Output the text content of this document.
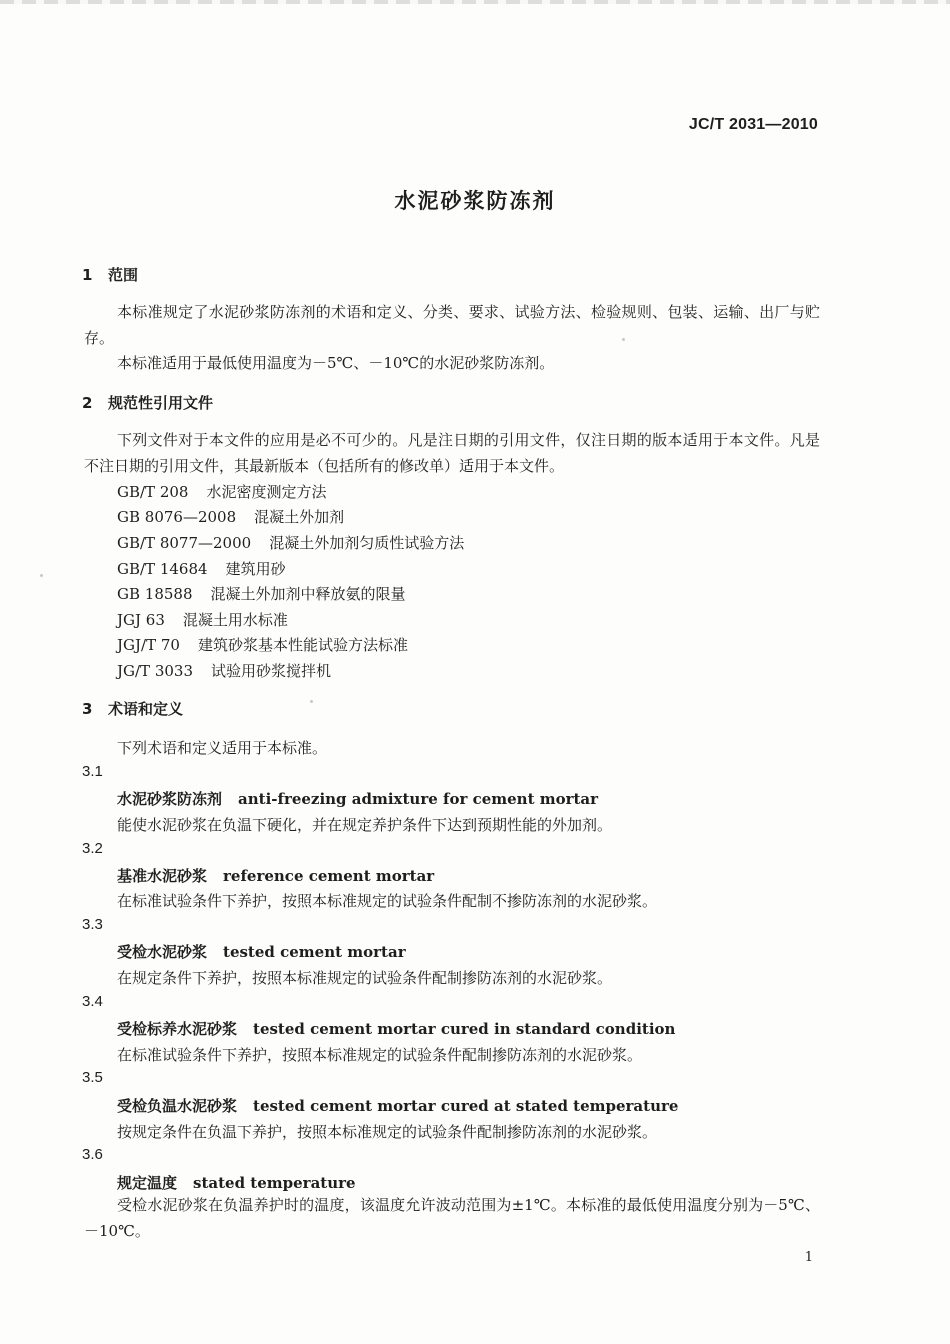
JC/T 2031—2010
水泥砂浆防冻剂
1 范围
本标准规定了水泥砂浆防冻剂的术语和定义、分类、要求、试验方法、检验规则、包装、运输、出厂与贮存。
本标准适用于最低使用温度为－5℃、－10℃的水泥砂浆防冻剂。
2 规范性引用文件
下列文件对于本文件的应用是必不可少的。凡是注日期的引用文件，仅注日期的版本适用于本文件。凡是不注日期的引用文件，其最新版本（包括所有的修改单）适用于本文件。
GB/T 208 水泥密度测定方法
GB 8076—2008 混凝土外加剂
GB/T 8077—2000 混凝土外加剂匀质性试验方法
GB/T 14684 建筑用砂
GB 18588 混凝土外加剂中释放氨的限量
JGJ 63 混凝土用水标准
JGJ/T 70 建筑砂浆基本性能试验方法标准
JG/T 3033 试验用砂浆搅拌机
3 术语和定义
下列术语和定义适用于本标准。
3.1
水泥砂浆防冻剂 anti-freezing admixture for cement mortar
能使水泥砂浆在负温下硬化，并在规定养护条件下达到预期性能的外加剂。
3.2
基准水泥砂浆 reference cement mortar
在标准试验条件下养护，按照本标准规定的试验条件配制不掺防冻剂的水泥砂浆。
3.3
受检水泥砂浆 tested cement mortar
在规定条件下养护，按照本标准规定的试验条件配制掺防冻剂的水泥砂浆。
3.4
受检标养水泥砂浆 tested cement mortar cured in standard condition
在标准试验条件下养护，按照本标准规定的试验条件配制掺防冻剂的水泥砂浆。
3.5
受检负温水泥砂浆 tested cement mortar cured at stated temperature
按规定条件在负温下养护，按照本标准规定的试验条件配制掺防冻剂的水泥砂浆。
3.6
规定温度 stated temperature
受检水泥砂浆在负温养护时的温度，该温度允许波动范围为±1℃。本标准的最低使用温度分别为－5℃、－10℃。
1
